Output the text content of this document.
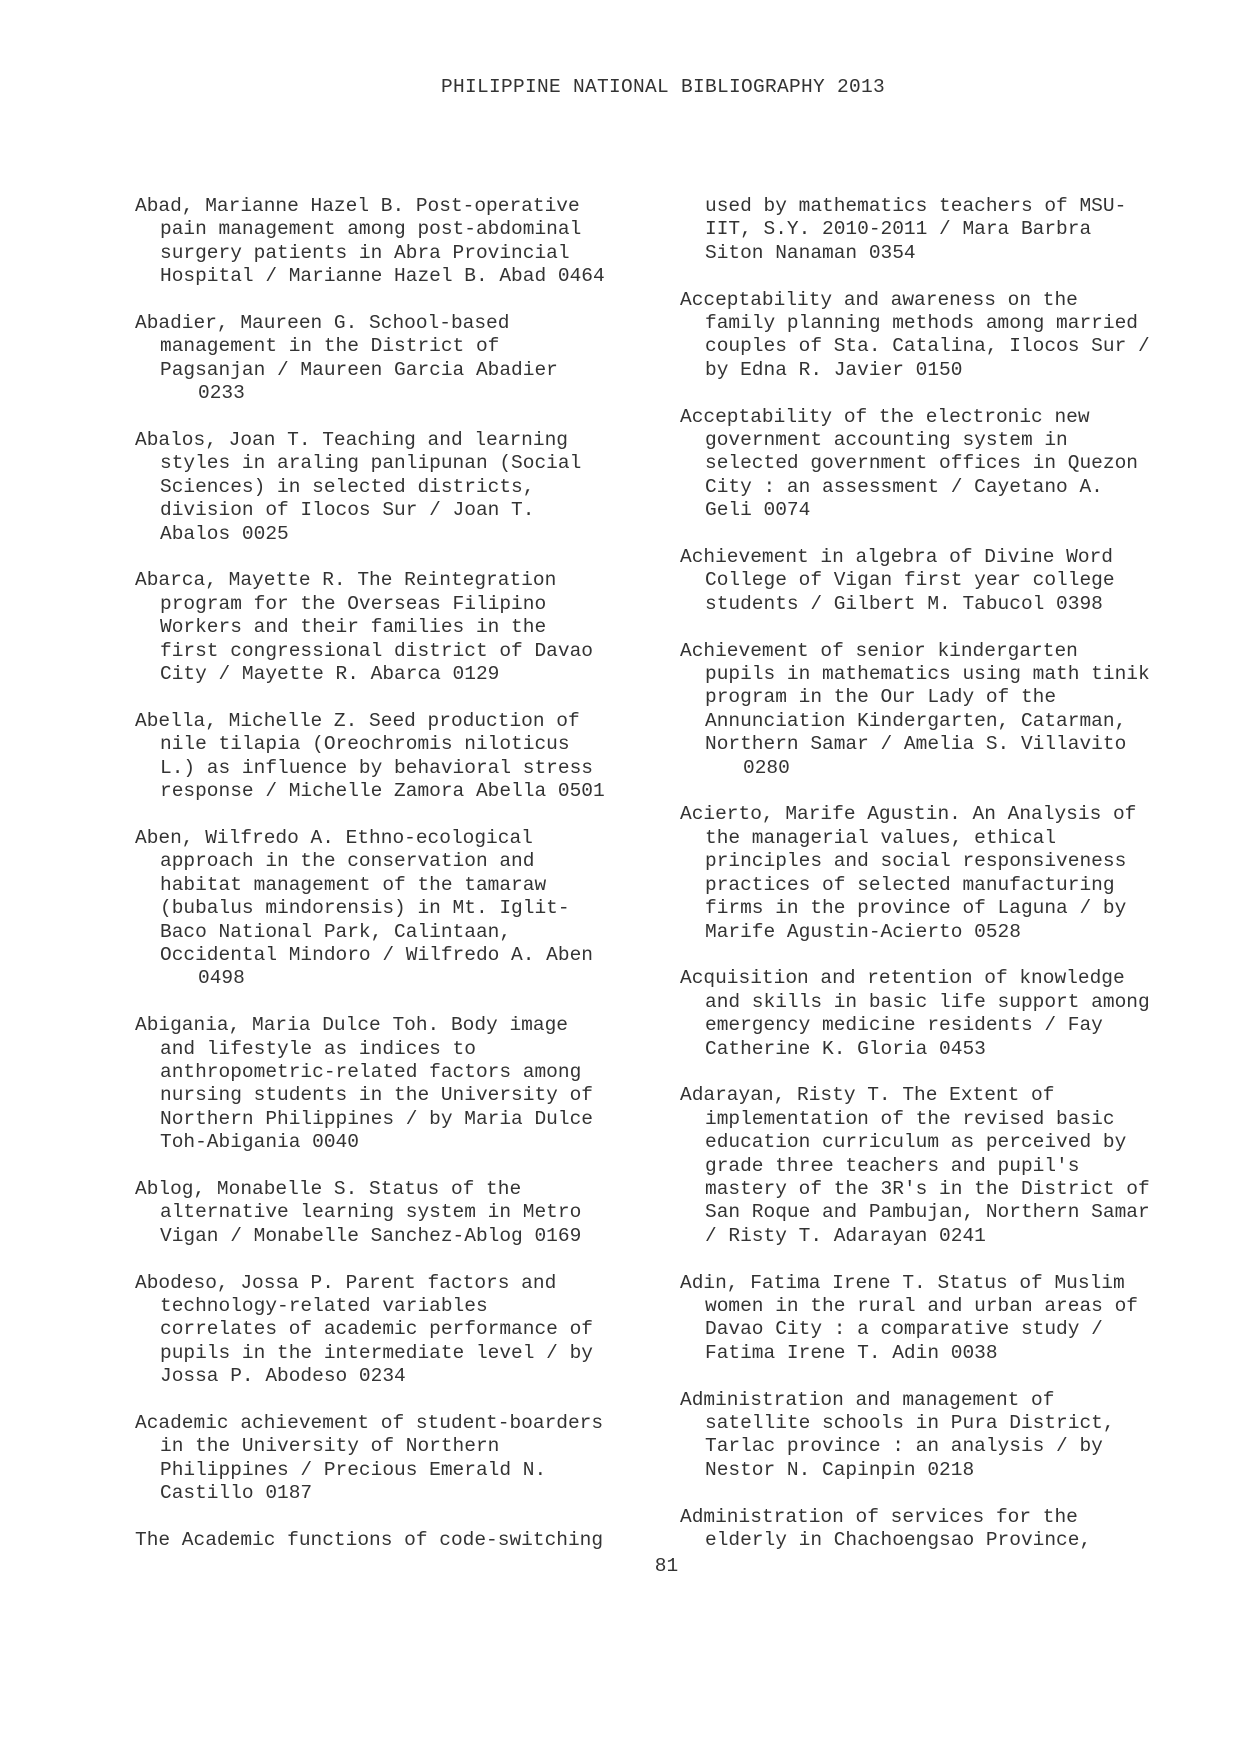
PHILIPPINE NATIONAL BIBLIOGRAPHY 2013
Abad, Marianne Hazel B. Post-operative
pain management among post-abdominal
surgery patients in Abra Provincial
Hospital / Marianne Hazel B. Abad 0464
Abadier, Maureen G. School-based
management in the District of
Pagsanjan / Maureen Garcia Abadier
0233
Abalos, Joan T. Teaching and learning
styles in araling panlipunan (Social
Sciences) in selected districts,
division of Ilocos Sur / Joan T.
Abalos 0025
Abarca, Mayette R. The Reintegration
program for the Overseas Filipino
Workers and their families in the
first congressional district of Davao
City / Mayette R. Abarca 0129
Abella, Michelle Z. Seed production of
nile tilapia (Oreochromis niloticus
L.) as influence by behavioral stress
response / Michelle Zamora Abella 0501
Aben, Wilfredo A. Ethno-ecological
approach in the conservation and
habitat management of the tamaraw
(bubalus mindorensis) in Mt. Iglit-
Baco National Park, Calintaan,
Occidental Mindoro / Wilfredo A. Aben
0498
Abigania, Maria Dulce Toh. Body image
and lifestyle as indices to
anthropometric-related factors among
nursing students in the University of
Northern Philippines / by Maria Dulce
Toh-Abigania 0040
Ablog, Monabelle S. Status of the
alternative learning system in Metro
Vigan / Monabelle Sanchez-Ablog 0169
Abodeso, Jossa P. Parent factors and
technology-related variables
correlates of academic performance of
pupils in the intermediate level / by
Jossa P. Abodeso 0234
Academic achievement of student-boarders
in the University of Northern
Philippines / Precious Emerald N.
Castillo 0187
The Academic functions of code-switching
used by mathematics teachers of MSU-
IIT, S.Y. 2010-2011 / Mara Barbra
Siton Nanaman 0354
Acceptability and awareness on the
family planning methods among married
couples of Sta. Catalina, Ilocos Sur /
by Edna R. Javier 0150
Acceptability of the electronic new
government accounting system in
selected government offices in Quezon
City : an assessment / Cayetano A.
Geli 0074
Achievement in algebra of Divine Word
College of Vigan first year college
students / Gilbert M. Tabucol 0398
Achievement of senior kindergarten
pupils in mathematics using math tinik
program in the Our Lady of the
Annunciation Kindergarten, Catarman,
Northern Samar / Amelia S. Villavito
0280
Acierto, Marife Agustin. An Analysis of
the managerial values, ethical
principles and social responsiveness
practices of selected manufacturing
firms in the province of Laguna / by
Marife Agustin-Acierto 0528
Acquisition and retention of knowledge
and skills in basic life support among
emergency medicine residents / Fay
Catherine K. Gloria 0453
Adarayan, Risty T. The Extent of
implementation of the revised basic
education curriculum as perceived by
grade three teachers and pupil's
mastery of the 3R's in the District of
San Roque and Pambujan, Northern Samar
/ Risty T. Adarayan 0241
Adin, Fatima Irene T. Status of Muslim
women in the rural and urban areas of
Davao City : a comparative study /
Fatima Irene T. Adin 0038
Administration and management of
satellite schools in Pura District,
Tarlac province : an analysis / by
Nestor N. Capinpin 0218
Administration of services for the
elderly in Chachoengsao Province,
81
